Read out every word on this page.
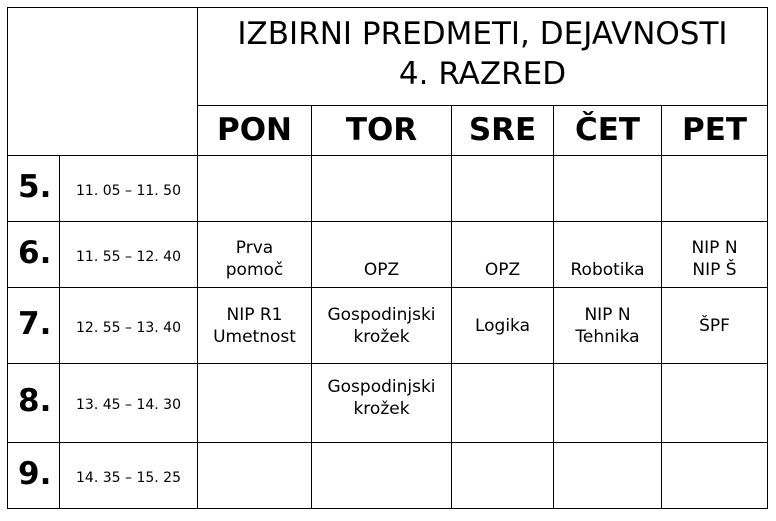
		IZBIRNI PREDMETI, DEJAVNOSTI
4. RAZRED				

		PON	TOR	SRE	ČET	PET
5.	11. 05 – 11. 50					
6.	11. 55 – 12. 40	Prva
pomoč	OPZ	OPZ	Robotika	NIP N
NIP Š

7.	12. 55 – 13. 40	NIP R1
Umetnost	Gospodinjski
krožek	Logika	NIP N
Tehnika	ŠPF

8.	13. 45 – 14. 30		Gospodinjski
krožek			

9.	14. 35 – 15. 25					
